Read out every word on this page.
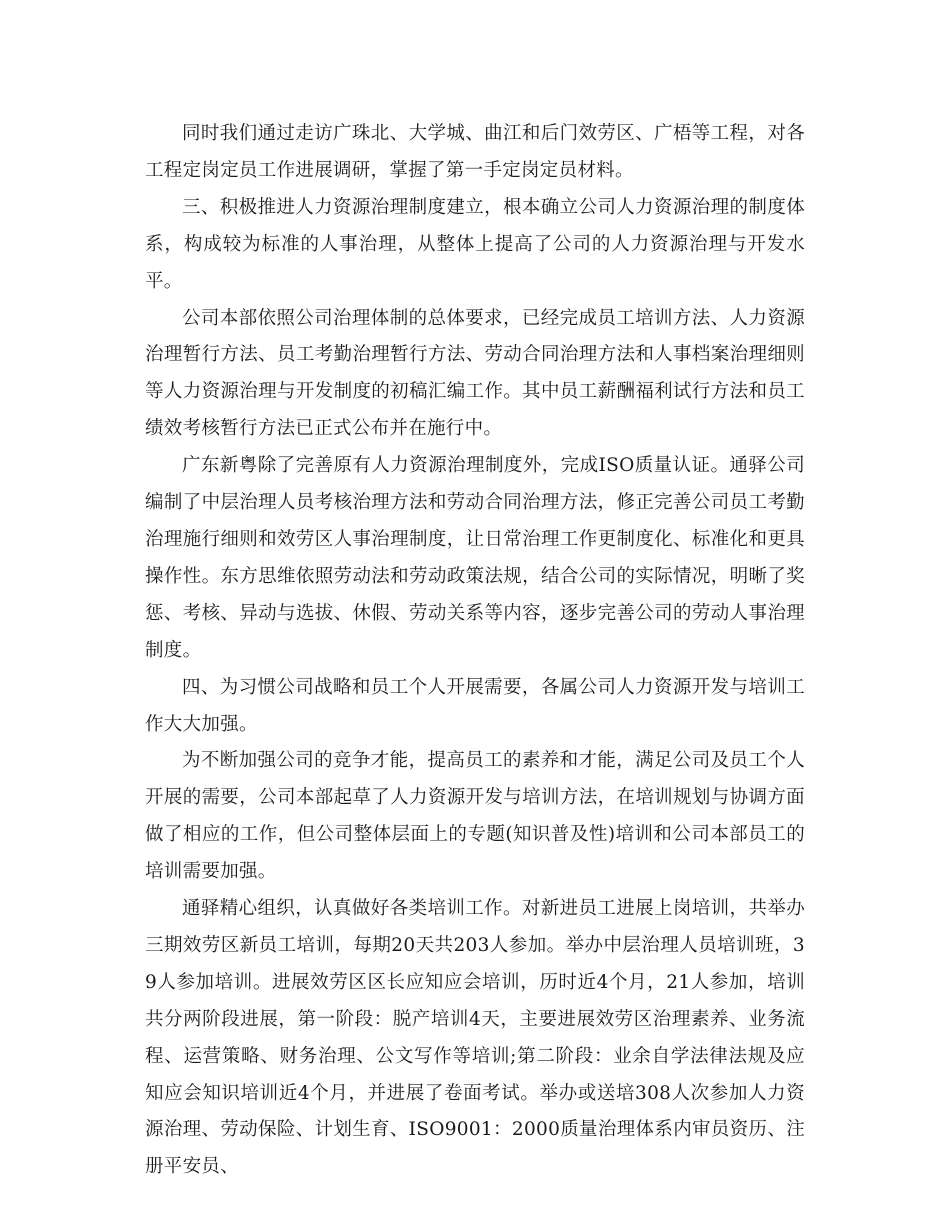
同时我们通过走访广珠北、大学城、曲江和后门效劳区、广梧等工程，对各工程定岗定员工作进展调研，掌握了第一手定岗定员材料。

三、积极推进人力资源治理制度建立，根本确立公司人力资源治理的制度体系，构成较为标准的人事治理，从整体上提高了公司的人力资源治理与开发水平。

公司本部依照公司治理体制的总体要求，已经完成员工培训方法、人力资源治理暂行方法、员工考勤治理暂行方法、劳动合同治理方法和人事档案治理细则等人力资源治理与开发制度的初稿汇编工作。其中员工薪酬福利试行方法和员工绩效考核暂行方法已正式公布并在施行中。

广东新粤除了完善原有人力资源治理制度外，完成ISO质量认证。通驿公司编制了中层治理人员考核治理方法和劳动合同治理方法，修正完善公司员工考勤治理施行细则和效劳区人事治理制度，让日常治理工作更制度化、标准化和更具操作性。东方思维依照劳动法和劳动政策法规，结合公司的实际情况，明晰了奖惩、考核、异动与选拔、休假、劳动关系等内容，逐步完善公司的劳动人事治理制度。

四、为习惯公司战略和员工个人开展需要，各属公司人力资源开发与培训工作大大加强。

为不断加强公司的竞争才能，提高员工的素养和才能，满足公司及员工个人开展的需要，公司本部起草了人力资源开发与培训方法，在培训规划与协调方面做了相应的工作，但公司整体层面上的专题(知识普及性)培训和公司本部员工的培训需要加强。

通驿精心组织，认真做好各类培训工作。对新进员工进展上岗培训，共举办三期效劳区新员工培训，每期20天共203人参加。举办中层治理人员培训班，39人参加培训。进展效劳区区长应知应会培训，历时近4个月，21人参加，培训共分两阶段进展，第一阶段：脱产培训4天，主要进展效劳区治理素养、业务流程、运营策略、财务治理、公文写作等培训;第二阶段：业余自学法律法规及应知应会知识培训近4个月，并进展了卷面考试。举办或送培308人次参加人力资源治理、劳动保险、计划生育、ISO9001：2000质量治理体系内审员资历、注册平安员、
